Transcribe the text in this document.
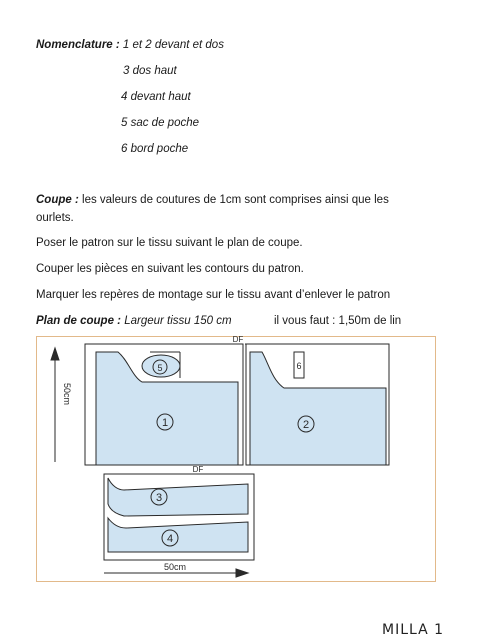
Nomenclature : 1 et 2 devant et dos
3 dos haut
4 devant haut
5 sac de poche
6 bord poche
Coupe : les valeurs de coutures de 1cm sont comprises ainsi que les
ourlets.
Poser le patron sur le tissu suivant le plan de coupe.
Couper les pièces en suivant les contours du patron.
Marquer les repères de montage sur le tissu avant d’enlever le patron
Plan de coupe : Largeur tissu 150 cm	il vous faut : 1,50m de lin
DF
DF
1	2
3
4
5	6
50cm
50cm
MILLA 1
